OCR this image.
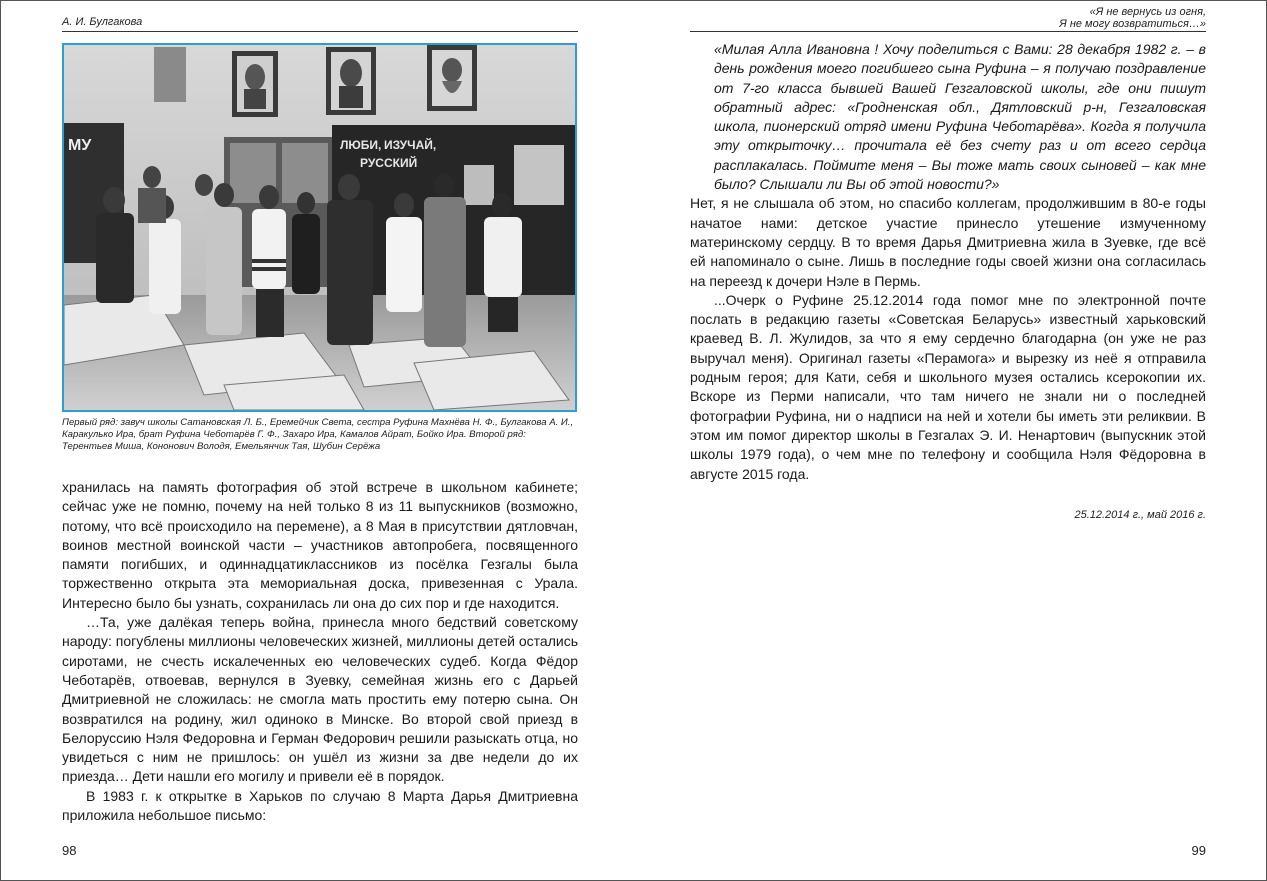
А. И. Булгакова
МУ	ЛЮБИ, ИЗУЧАЙ,
РУССКИЙ
Первый ряд: завуч школы Сатановская Л. Б., Еремейчик Света, сестра Руфина Махнёва Н. Ф., Булгакова А. И., Каракулько Ира, брат Руфина Чеботарёв Г. Ф., Захаро Ира, Камалов Айрат, Бойко Ира. Второй ряд: Терентьев Миша, Кононович Володя, Емельянчик Тая, Шубин Серёжа

хранилась на память фотография об этой встрече в школьном кабинете; сейчас уже не помню, почему на ней только 8 из 11 выпускников (возможно, потому, что всё происходило на перемене), а 8 Мая в присутствии дятловчан, воинов местной воинской части – участников автопробега, посвященного памяти погибших, и одиннадцатиклассников из посёлка Гезгалы была торжественно открыта эта мемориальная доска, привезенная с Урала. Интересно было бы узнать, сохранилась ли она до сих пор и где находится.

…Та, уже далёкая теперь война, принесла много бедствий советскому народу: погублены миллионы человеческих жизней, миллионы детей остались сиротами, не счесть искалеченных ею человеческих судеб. Когда Фёдор Чеботарёв, отвоевав, вернулся в Зуевку, семейная жизнь его с Дарьей Дмитриевной не сложилась: не смогла мать простить ему потерю сына. Он возвратился на родину, жил одиноко в Минске. Во второй свой приезд в Белоруссию Нэля Федоровна и Герман Федорович решили разыскать отца, но увидеться с ним не пришлось: он ушёл из жизни за две недели до их приезда… Дети нашли его могилу и привели её в порядок.

В 1983 г. к открытке в Харьков по случаю 8 Марта Дарья Дмитриевна приложила небольшое письмо:

98
«Я не вернусь из огня,
Я не могу возвратиться…»

«Милая Алла Ивановна ! Хочу поделиться с Вами: 28 декабря 1982 г. – в день рождения моего погибшего сына Руфина – я получаю поздравление от 7-го класса бывшей Вашей Гезгаловской школы, где они пишут обратный адрес: «Гродненская обл., Дятловский р-н, Гезгаловская школа, пионерский отряд имени Руфина Чеботарёва». Когда я получила эту открыточку… прочитала её без счету раз и от всего сердца расплакалась. Поймите меня – Вы тоже мать своих сыновей – как мне было? Слышали ли Вы об этой новости?»

Нет, я не слышала об этом, но спасибо коллегам, продолжившим в 80-е годы начатое нами: детское участие принесло утешение измученному материнскому сердцу. В то время Дарья Дмитриевна жила в Зуевке, где всё ей напоминало о сыне. Лишь в последние годы своей жизни она согласилась на переезд к дочери Нэле в Пермь.

...Очерк о Руфине 25.12.2014 года помог мне по электронной почте послать в редакцию газеты «Советская Беларусь» известный харьковский краевед В. Л. Жулидов, за что я ему сердечно благодарна (он уже не раз выручал меня). Оригинал газеты «Перамога» и вырезку из неё я отправила родным героя; для Кати, себя и школьного музея остались ксерокопии их. Вскоре из Перми написали, что там ничего не знали ни о последней фотографии Руфина, ни о надписи на ней и хотели бы иметь эти реликвии. В этом им помог директор школы в Гезгалах Э. И. Ненартович (выпускник этой школы 1979 года), о чем мне по телефону и сообщила Нэля Фёдоровна в августе 2015 года.

25.12.2014 г., май 2016 г.
99
